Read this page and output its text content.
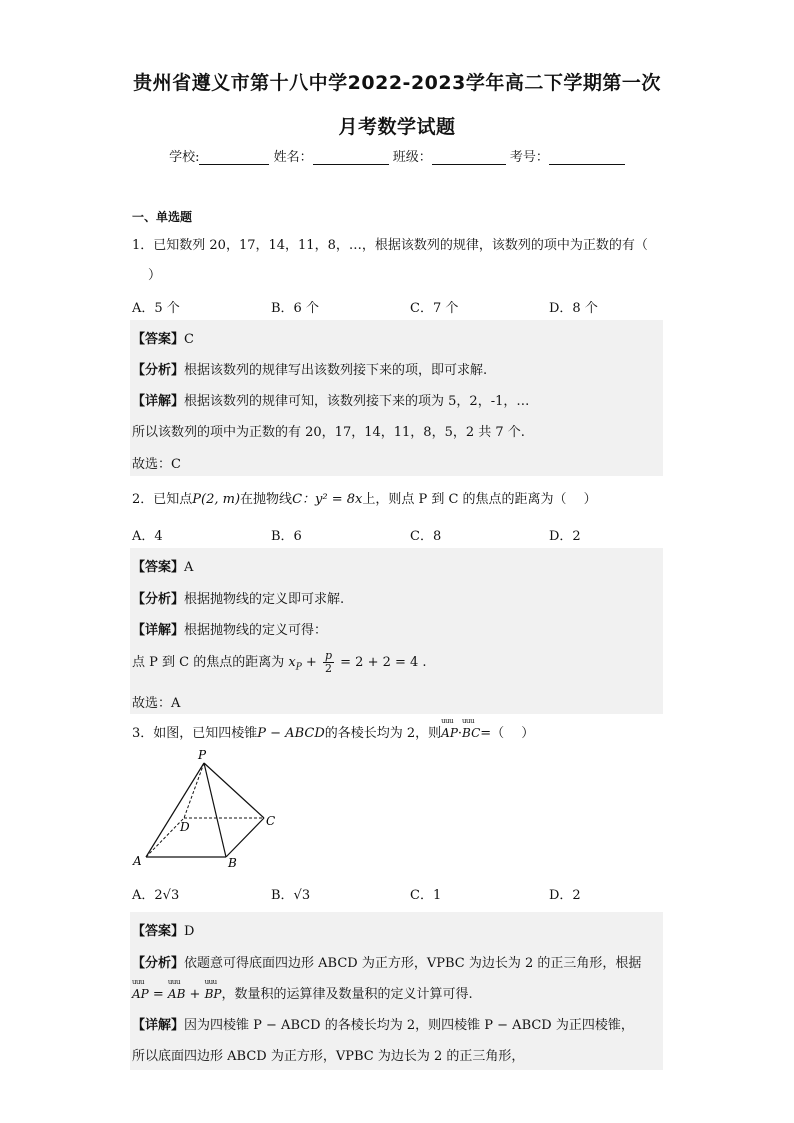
贵州省遵义市第十八中学2022-2023学年高二下学期第一次
月考数学试题
学校:	姓名：	班级：	考号：
一、单选题
1．已知数列 20，17，14，11，8，…，根据该数列的规律，该数列的项中为正数的有（
）
A．5 个	B．6 个	C．7 个	D．8 个
【答案】C
【分析】根据该数列的规律写出该数列接下来的项，即可求解.
【详解】根据该数列的规律可知，该数列接下来的项为 5，2，-1，…
所以该数列的项中为正数的有 20，17，14，11，8，5，2 共 7 个.
故选：C
2．已知点P(2, m)在抛物线C：y² = 8x上，则点 P 到 C 的焦点的距离为（　 ）
A．4	B．6	C．8	D．2
【答案】A
【分析】根据抛物线的定义即可求解.
【详解】根据抛物线的定义可得：
点 P 到 C 的焦点的距离为 $x_P + \frac{p}{2} = 2 + 2 = 4$ .
故选：A
3．如图，已知四棱锥P − ABCD的各棱长均为 2，则uuu AP·uuu BC=（　 ）
P
A	B
C
D
A．2√3	B．√3	C．1	D．2
【答案】D
【分析】依题意可得底面四边形 ABCD 为正方形，VPBC 为边长为 2 的正三角形，根据
uuu AP = uuu AB + uuu BP，数量积的运算律及数量积的定义计算可得.
【详解】因为四棱锥 P − ABCD 的各棱长均为 2，则四棱锥 P − ABCD 为正四棱锥，
所以底面四边形 ABCD 为正方形，VPBC 为边长为 2 的正三角形，
